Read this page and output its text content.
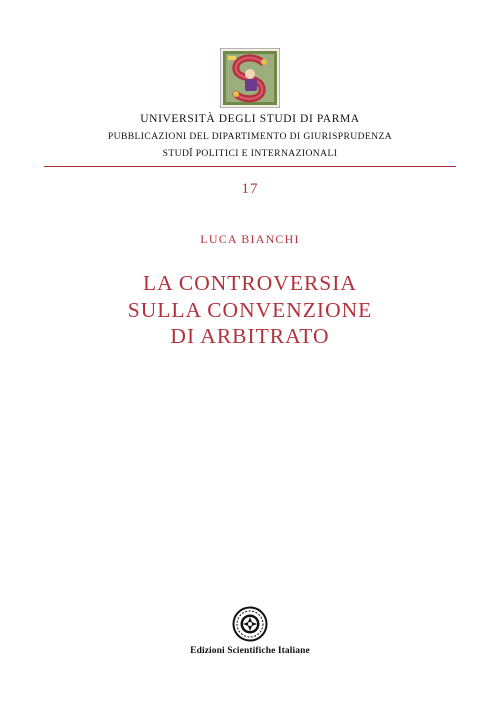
UNIVERSITÀ DEGLI STUDI DI PARMA
PUBBLICAZIONI DEL DIPARTIMENTO DI GIURISPRUDENZA
STUDÎ POLITICI E INTERNAZIONALI
17
LUCA BIANCHI
LA CONTROVERSIA
SULLA CONVENZIONE
DI ARBITRATO
Edizioni Scientifiche Italiane
